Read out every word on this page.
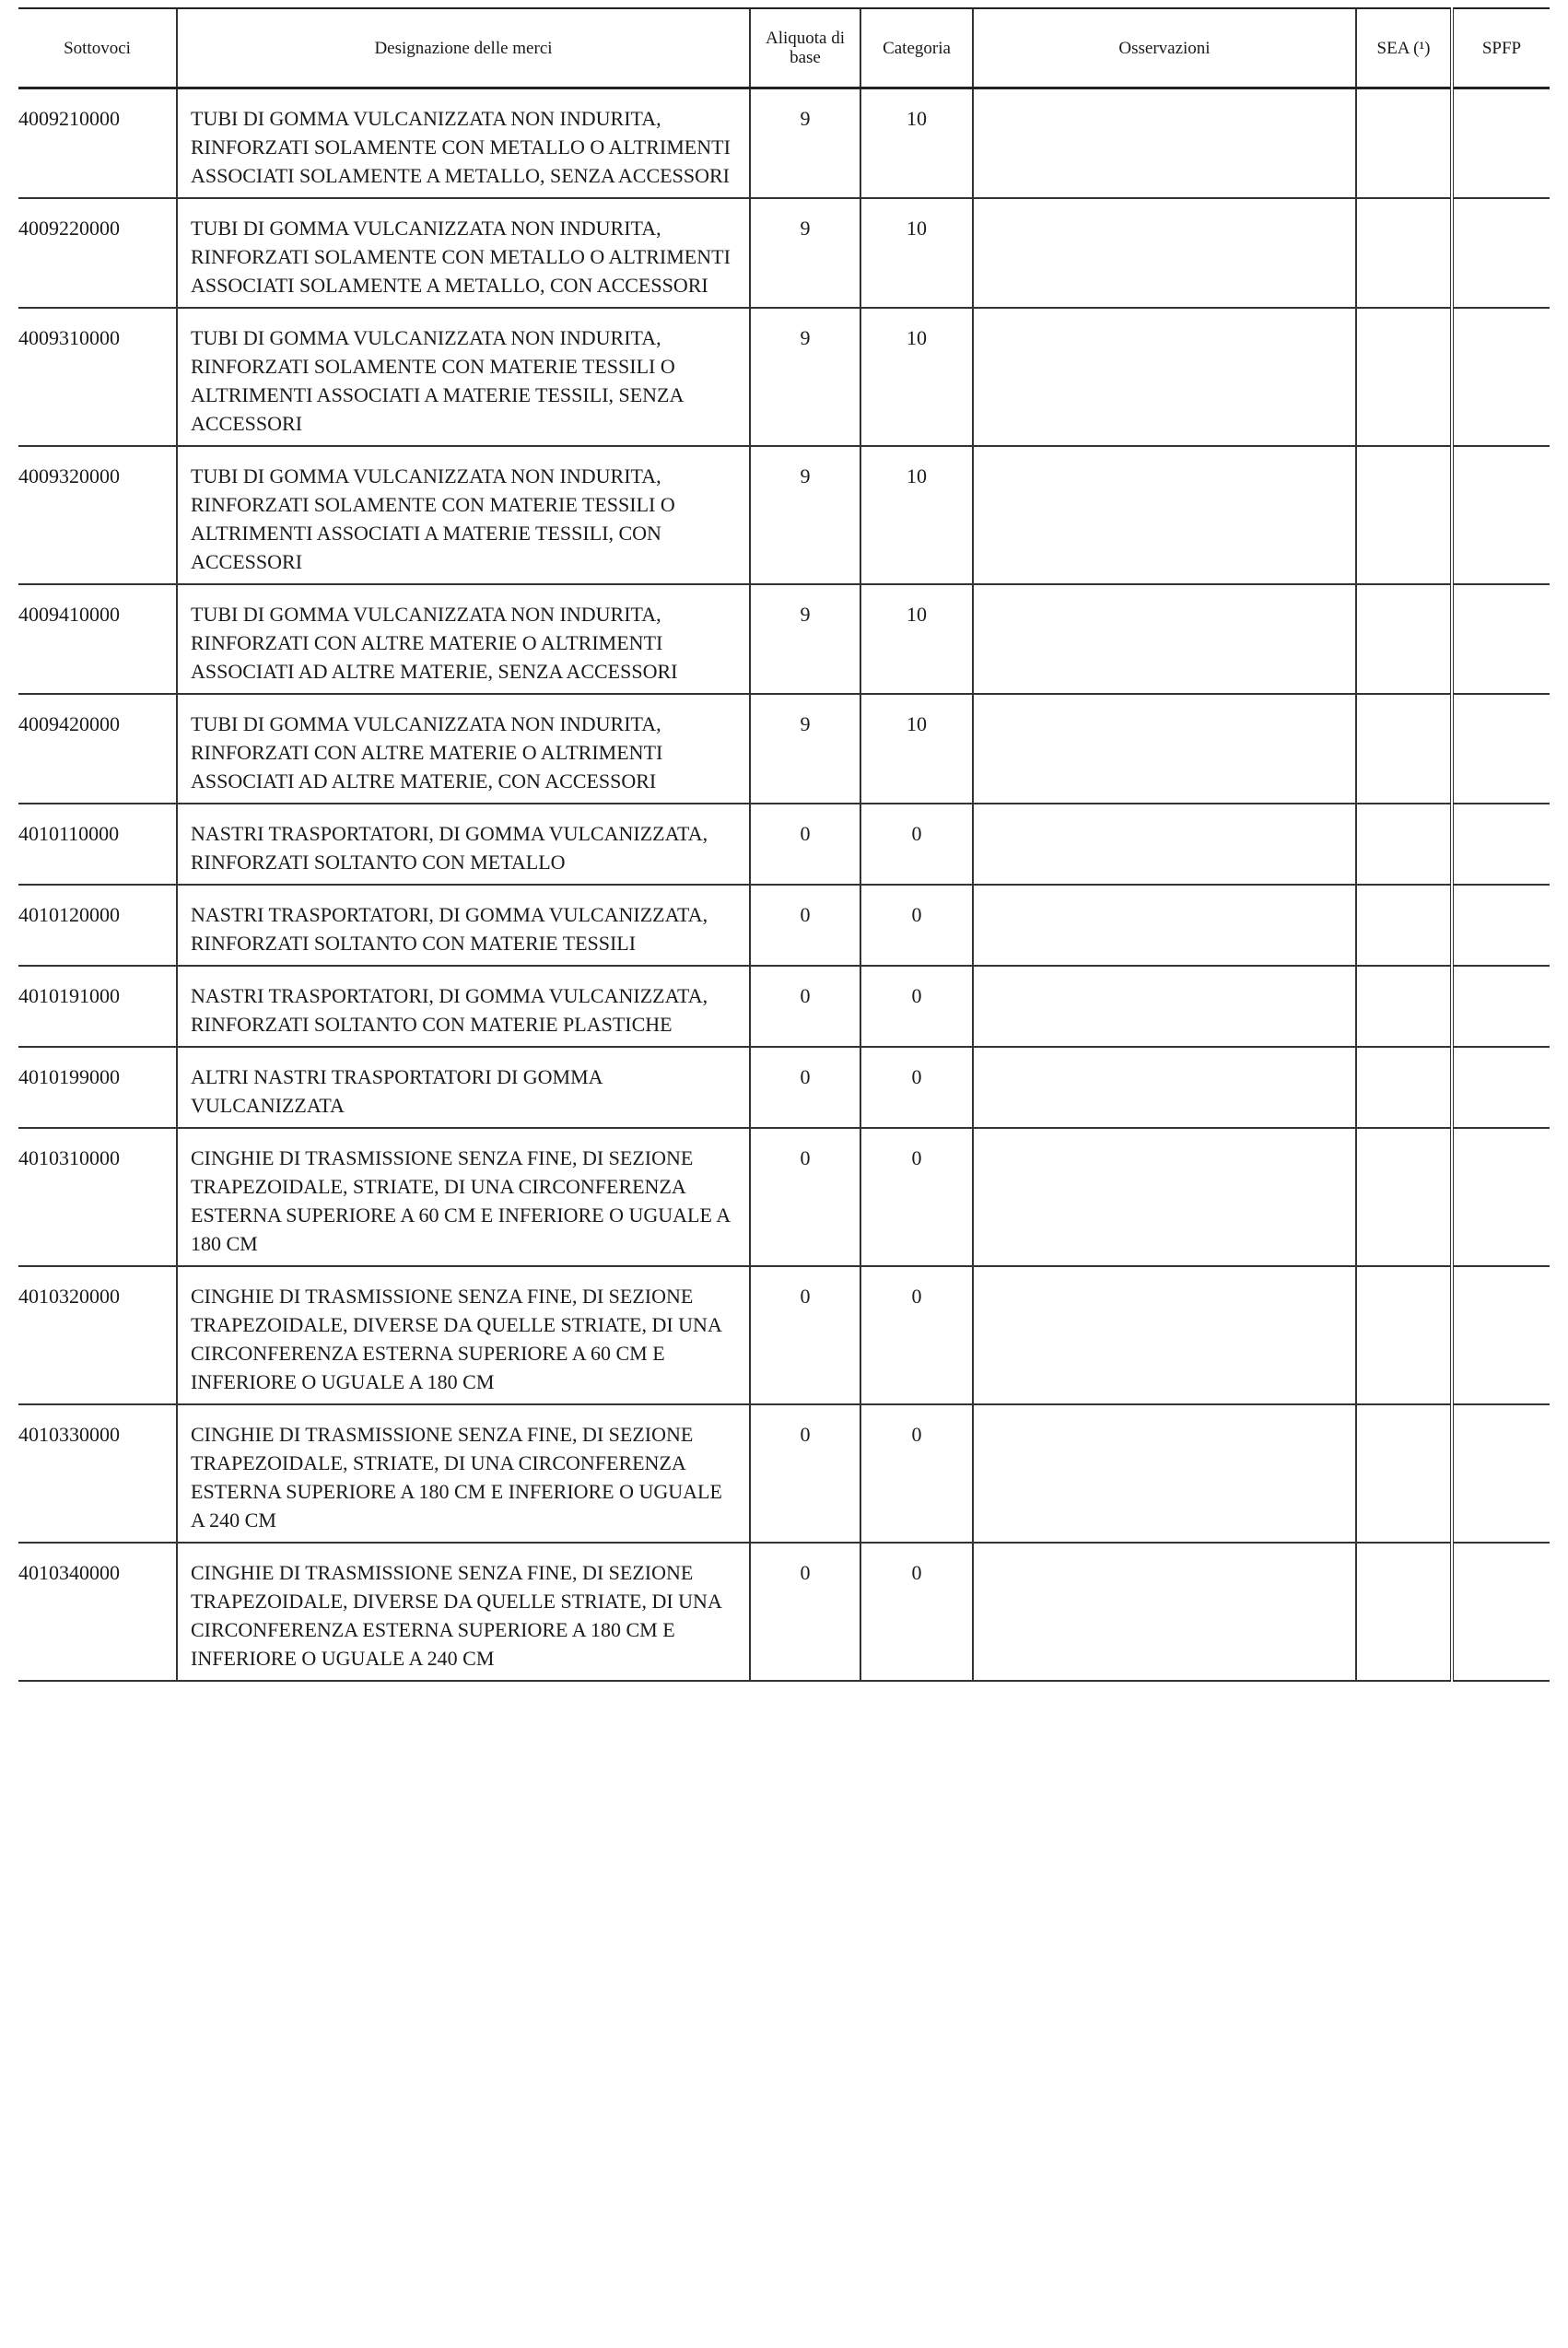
Sottovoci	Designazione delle merci	Aliquota di base	Categoria	Osservazioni	SEA (¹)	SPFP
4009210000	TUBI DI GOMMA VULCANIZZATA NON INDURITA, RINFORZATI SOLAMENTE CON METALLO O ALTRIMENTI ASSOCIATI SOLAMENTE A METALLO, SENZA ACCESSORI	9	10			
4009220000	TUBI DI GOMMA VULCANIZZATA NON INDURITA, RINFORZATI SOLAMENTE CON METALLO O ALTRIMENTI ASSOCIATI SOLAMENTE A METALLO, CON ACCESSORI	9	10			
4009310000	TUBI DI GOMMA VULCANIZZATA NON INDURITA, RINFORZATI SOLAMENTE CON MATERIE TESSILI O ALTRIMENTI ASSOCIATI A MATERIE TESSILI, SENZA ACCESSORI	9	10			
4009320000	TUBI DI GOMMA VULCANIZZATA NON INDURITA, RINFORZATI SOLAMENTE CON MATERIE TESSILI O ALTRIMENTI ASSOCIATI A MATERIE TESSILI, CON ACCESSORI	9	10			
4009410000	TUBI DI GOMMA VULCANIZZATA NON INDURITA, RINFORZATI CON ALTRE MATERIE O ALTRIMENTI ASSOCIATI AD ALTRE MATERIE, SENZA ACCESSORI	9	10			
4009420000	TUBI DI GOMMA VULCANIZZATA NON INDURITA, RINFORZATI CON ALTRE MATERIE O ALTRIMENTI ASSOCIATI AD ALTRE MATERIE, CON ACCESSORI	9	10			
4010110000	NASTRI TRASPORTATORI, DI GOMMA VULCANIZZATA, RINFORZATI SOLTANTO CON METALLO	0	0			
4010120000	NASTRI TRASPORTATORI, DI GOMMA VULCANIZZATA, RINFORZATI SOLTANTO CON MATERIE TESSILI	0	0			
4010191000	NASTRI TRASPORTATORI, DI GOMMA VULCANIZZATA, RINFORZATI SOLTANTO CON MATERIE PLASTICHE	0	0			
4010199000	ALTRI NASTRI TRASPORTATORI DI GOMMA VULCANIZZATA	0	0			
4010310000	CINGHIE DI TRASMISSIONE SENZA FINE, DI SEZIONE TRAPEZOIDALE, STRIATE, DI UNA CIRCONFERENZA ESTERNA SUPERIORE A 60 CM E INFERIORE O UGUALE A 180 CM	0	0			
4010320000	CINGHIE DI TRASMISSIONE SENZA FINE, DI SEZIONE TRAPEZOIDALE, DIVERSE DA QUELLE STRIATE, DI UNA CIRCONFERENZA ESTERNA SUPERIORE A 60 CM E INFERIORE O UGUALE A 180 CM	0	0			
4010330000	CINGHIE DI TRASMISSIONE SENZA FINE, DI SEZIONE TRAPEZOIDALE, STRIATE, DI UNA CIRCONFERENZA ESTERNA SUPERIORE A 180 CM E INFERIORE O UGUALE A 240 CM	0	0			
4010340000	CINGHIE DI TRASMISSIONE SENZA FINE, DI SEZIONE TRAPEZOIDALE, DIVERSE DA QUELLE STRIATE, DI UNA CIRCONFERENZA ESTERNA SUPERIORE A 180 CM E INFERIORE O UGUALE A 240 CM	0	0			
